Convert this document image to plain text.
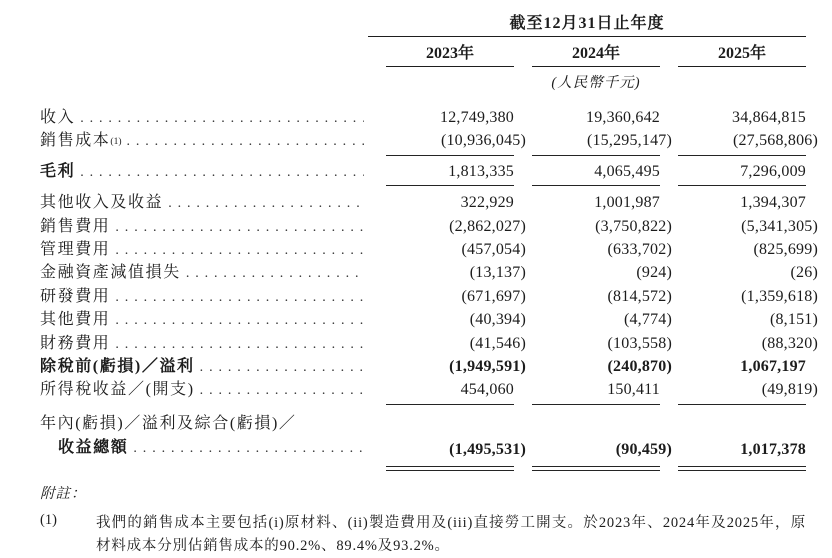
截至12月31日止年度
2023年	2024年	2025年
(人民幣千元)
收入 . . .	12,749,380	19,360,642	34,864,815
銷售成本$^{(1)}$ . . .	(10,936,045)	(15,295,147)	(27,568,806)
毛利 . . .	1,813,335	4,065,495	7,296,009
其他收入及收益 . . .	322,929	1,001,987	1,394,307
銷售費用 . . .	(2,862,027)	(3,750,822)	(5,341,305)
管理費用 . . .	(457,054)	(633,702)	(825,699)
金融資產減值損失 . . .	(13,137)	(924)	(26)
研發費用 . . .	(671,697)	(814,572)	(1,359,618)
其他費用 . . .	(40,394)	(4,774)	(8,151)
財務費用 . . .	(41,546)	(103,558)	(88,320)
除稅前(虧損)／溢利 . . .	(1,949,591)	(240,870)	1,067,197
所得稅收益／(開支) . . .	454,060	150,411	(49,819)
年內(虧損)／溢利及綜合(虧損)／
收益總額 . . .	(1,495,531)	(90,459)	1,017,378
附註：
(1)	我們的銷售成本主要包括(i)原材料、(ii)製造費用及(iii)直接勞工開支。於2023年、2024年及2025年，原材料成本分別佔銷售成本的90.2%、89.4%及93.2%。
